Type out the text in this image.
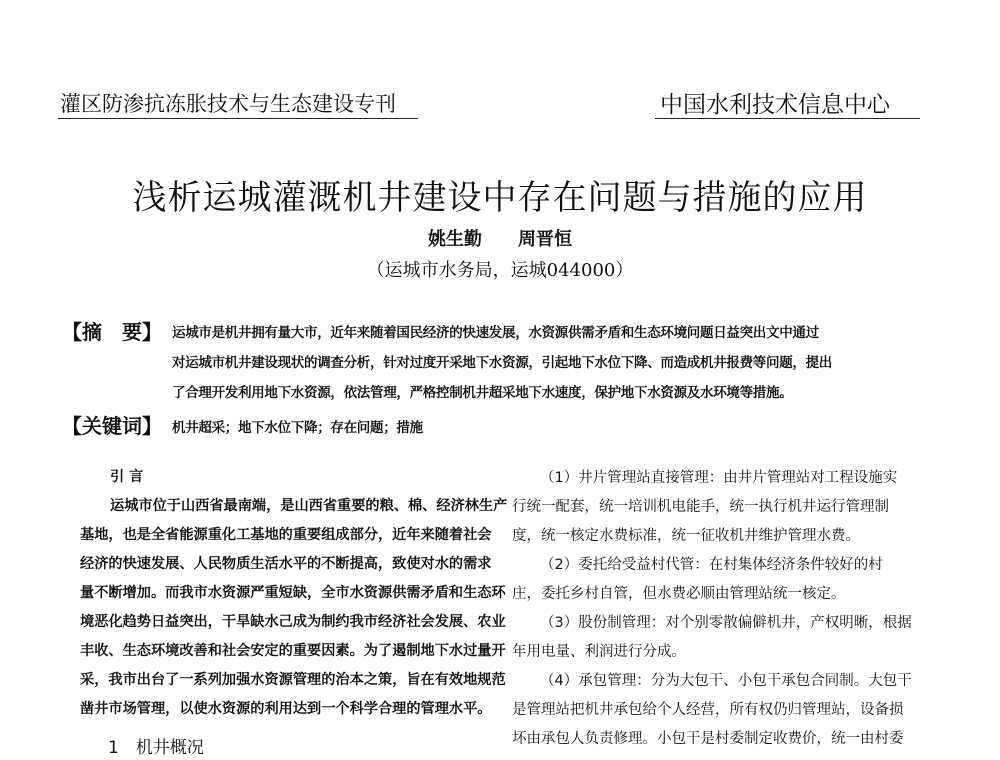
灌区防渗抗冻胀技术与生态建设专刊	中国水利技术信息中心
浅析运城灌溉机井建设中存在问题与措施的应用
姚生勤　　周晋恒
（运城市水务局，运城044000）
【摘　要】 运城市是机井拥有量大市，近年来随着国民经济的快速发展，水资源供需矛盾和生态环境问题日益突出文中通过
对运城市机井建设现状的调查分析，针对过度开采地下水资源，引起地下水位下降、而造成机井报费等问题，提出
了合理开发利用地下水资源，依法管理，严格控制机井超采地下水速度，保护地下水资源及水环境等措施。
【关键词】 机井超采；地下水位下降；存在问题；措施
引 言
运城市位于山西省最南端，是山西省重要的粮、棉、经济林生产
基地，也是全省能源重化工基地的重要组成部分，近年来随着社会
经济的快速发展、人民物质生活水平的不断提高，致使对水的需求
量不断增加。而我市水资源严重短缺，全市水资源供需矛盾和生态环
境恶化趋势日益突出，干旱缺水己成为制约我市经济社会发展、农业
丰收、生态环境改善和社会安定的重要因素。为了遏制地下水过量开
采，我市出台了一系列加强水资源管理的治本之策，旨在有效地规范
凿井市场管理，以使水资源的利用达到一个科学合理的管理水平。
1　机井概况
（1）井片管理站直接管理：由井片管理站对工程设施实
行统一配套，统一培训机电能手，统一执行机井运行管理制
度，统一核定水费标准，统一征收机井维护管理水费。
（2）委托给受益村代管：在村集体经济条件较好的村
庄，委托乡村自管，但水费必顺由管理站统一核定。
（3）股份制管理：对个别零散偏僻机井，产权明晰，根据
年用电量、利润进行分成。
（4）承包管理：分为大包干、小包干承包合同制。大包干
是管理站把机井承包给个人经营，所有权仍归管理站，设备损
坏由承包人负责修理。小包干是村委制定收费价，统一由村委
